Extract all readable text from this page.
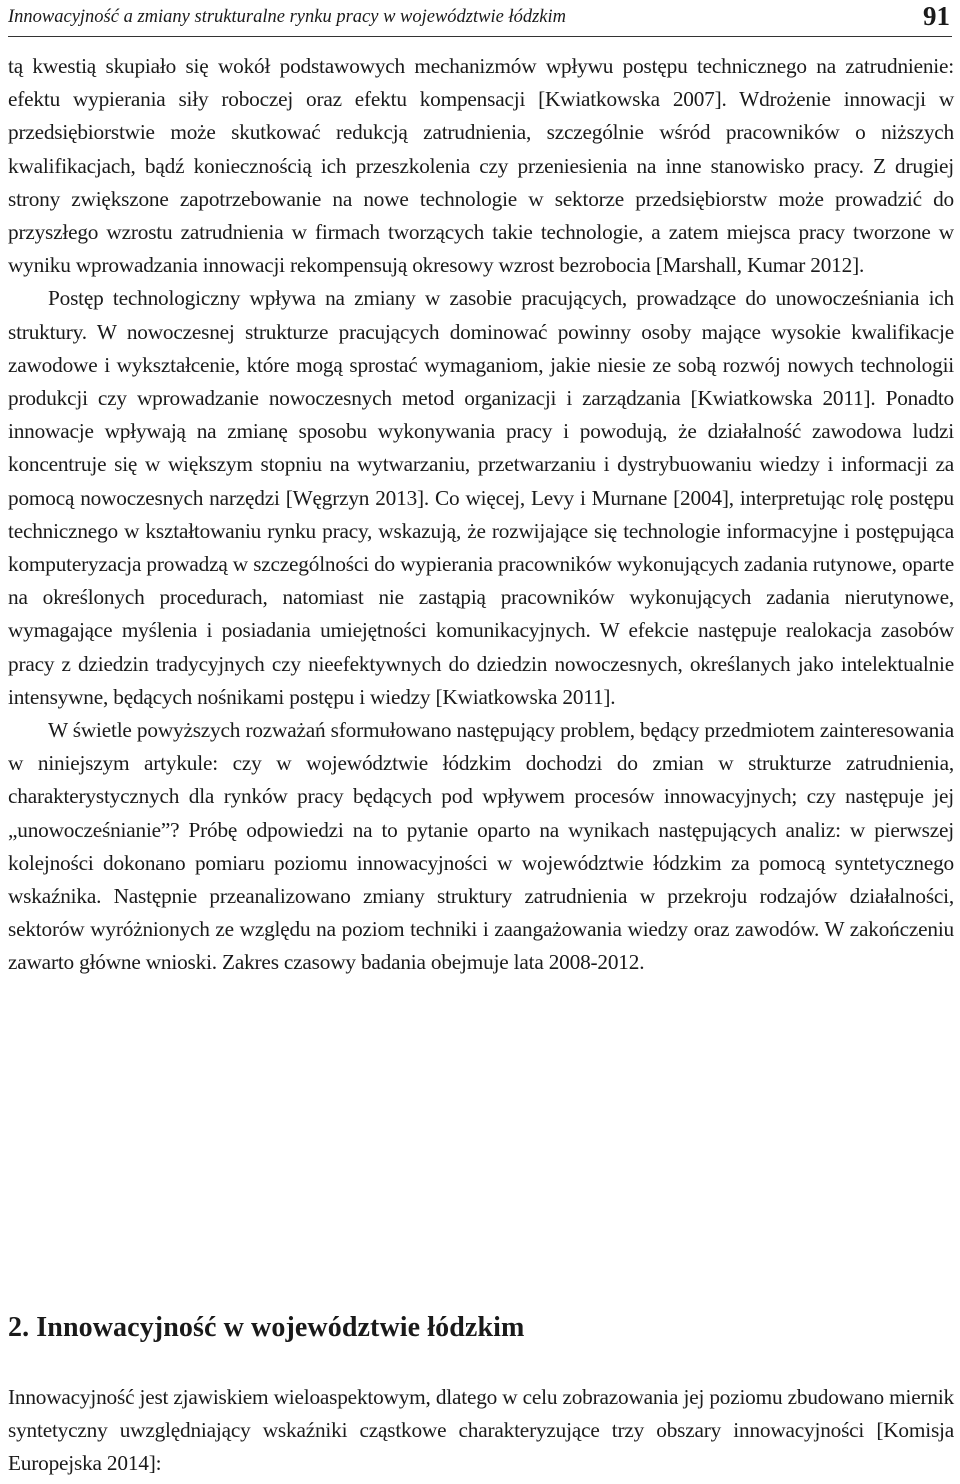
Innowacyjność a zmiany strukturalne rynku pracy w województwie łódzkim	91

tą kwestią skupiało się wokół podstawowych mechanizmów wpływu postępu technicznego na zatrudnienie: efektu wypierania siły roboczej oraz efektu kompensacji [Kwiatkowska 2007]. Wdrożenie innowacji w przedsiębiorstwie może skutkować redukcją zatrudnienia, szczególnie wśród pracowników o niższych kwalifikacjach, bądź koniecznością ich przeszkolenia czy przeniesienia na inne stanowisko pracy. Z drugiej strony zwiększone zapotrzebowanie na nowe technologie w sektorze przedsiębiorstw może prowadzić do przyszłego wzrostu zatrudnienia w firmach tworzących takie technologie, a zatem miejsca pracy tworzone w wyniku wprowadzania innowacji rekompensują okresowy wzrost bezrobocia [Marshall, Kumar 2012].

Postęp technologiczny wpływa na zmiany w zasobie pracujących, prowadzące do unowocześniania ich struktury. W nowoczesnej strukturze pracujących dominować powinny osoby mające wysokie kwalifikacje zawodowe i wykształcenie, które mogą sprostać wymaganiom, jakie niesie ze sobą rozwój nowych technologii produkcji czy wprowadzanie nowoczesnych metod organizacji i zarządzania [Kwiatkowska 2011]. Ponadto innowacje wpływają na zmianę sposobu wykonywania pracy i powodują, że działalność zawodowa ludzi koncentruje się w większym stopniu na wytwarzaniu, przetwarzaniu i dystrybuowaniu wiedzy i informacji za pomocą nowoczesnych narzędzi [Węgrzyn 2013]. Co więcej, Levy i Murnane [2004], interpretując rolę postępu technicznego w kształtowaniu rynku pracy, wskazują, że rozwijające się technologie informacyjne i postępująca komputeryzacja prowadzą w szczególności do wypierania pracowników wykonujących zadania rutynowe, oparte na określonych procedurach, natomiast nie zastąpią pracowników wykonujących zadania nierutynowe, wymagające myślenia i posiadania umiejętności komunikacyjnych. W efekcie następuje realokacja zasobów pracy z dziedzin tradycyjnych czy nieefektywnych do dziedzin nowoczesnych, określanych jako intelektualnie intensywne, będących nośnikami postępu i wiedzy [Kwiatkowska 2011].

W świetle powyższych rozważań sformułowano następujący problem, będący przedmiotem zainteresowania w niniejszym artykule: czy w województwie łódzkim dochodzi do zmian w strukturze zatrudnienia, charakterystycznych dla rynków pracy będących pod wpływem procesów innowacyjnych; czy następuje jej „unowocześnianie”? Próbę odpowiedzi na to pytanie oparto na wynikach następujących analiz: w pierwszej kolejności dokonano pomiaru poziomu innowacyjności w województwie łódzkim za pomocą syntetycznego wskaźnika. Następnie przeanalizowano zmiany struktury zatrudnienia w przekroju rodzajów działalności, sektorów wyróżnionych ze względu na poziom techniki i zaangażowania wiedzy oraz zawodów. W zakończeniu zawarto główne wnioski. Zakres czasowy badania obejmuje lata 2008-2012.

2. Innowacyjność w województwie łódzkim

Innowacyjność jest zjawiskiem wieloaspektowym, dlatego w celu zobrazowania jej poziomu zbudowano miernik syntetyczny uwzględniający wskaźniki cząstkowe charakteryzujące trzy obszary innowacyjności [Komisja Europejska 2014]:
